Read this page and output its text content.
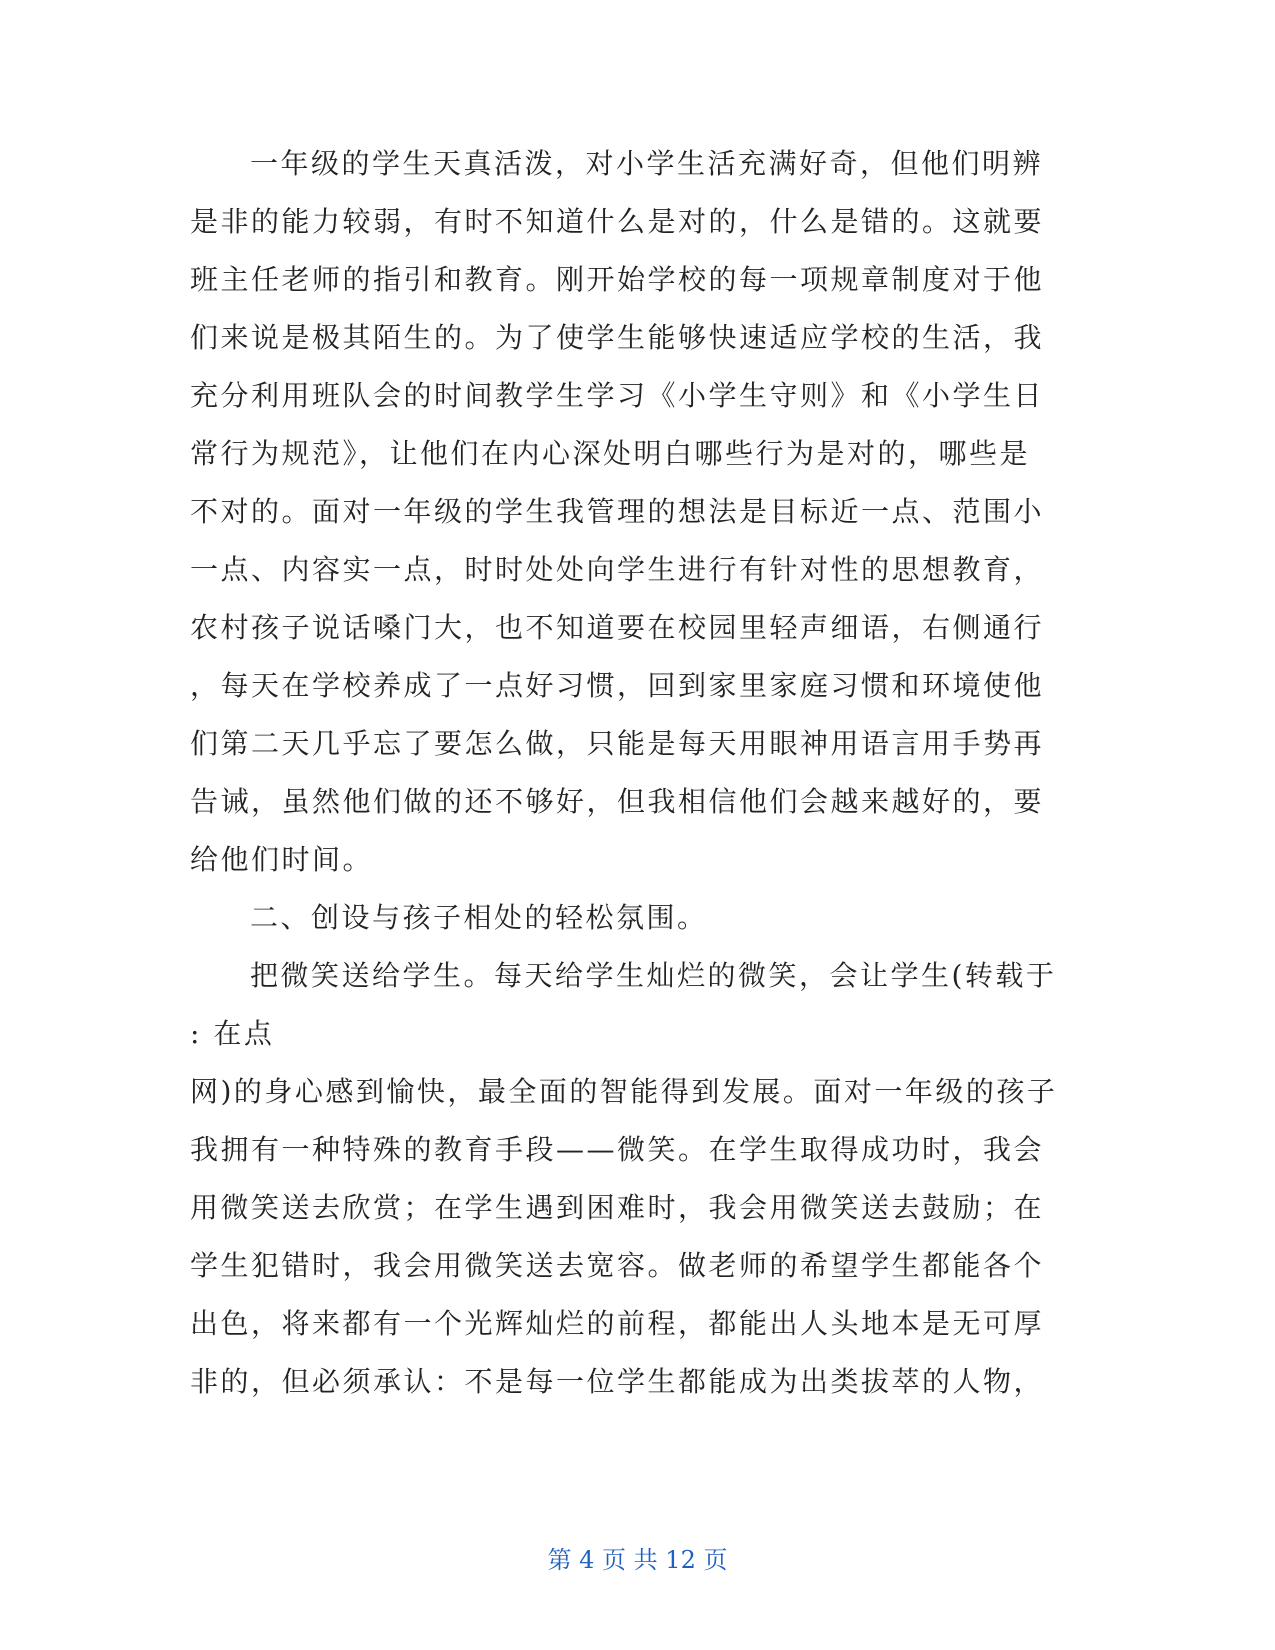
一年级的学生天真活泼，对小学生活充满好奇，但他们明辨
是非的能力较弱，有时不知道什么是对的，什么是错的。这就要
班主任老师的指引和教育。刚开始学校的每一项规章制度对于他
们来说是极其陌生的。为了使学生能够快速适应学校的生活，我
充分利用班队会的时间教学生学习《小学生守则》和《小学生日
常行为规范》，让他们在内心深处明白哪些行为是对的，哪些是
不对的。面对一年级的学生我管理的想法是目标近一点、范围小
一点、内容实一点，时时处处向学生进行有针对性的思想教育，
农村孩子说话嗓门大，也不知道要在校园里轻声细语，右侧通行
，每天在学校养成了一点好习惯，回到家里家庭习惯和环境使他
们第二天几乎忘了要怎么做，只能是每天用眼神用语言用手势再
告诫，虽然他们做的还不够好，但我相信他们会越来越好的，要
给他们时间。
二、创设与孩子相处的轻松氛围。
把微笑送给学生。每天给学生灿烂的微笑，会让学生(转载于
: 在点
网)的身心感到愉快，最全面的智能得到发展。面对一年级的孩子
我拥有一种特殊的教育手段——微笑。在学生取得成功时，我会
用微笑送去欣赏；在学生遇到困难时，我会用微笑送去鼓励；在
学生犯错时，我会用微笑送去宽容。做老师的希望学生都能各个
出色，将来都有一个光辉灿烂的前程，都能出人头地本是无可厚
非的，但必须承认：不是每一位学生都能成为出类拔萃的人物，
第 4 页 共 12 页
